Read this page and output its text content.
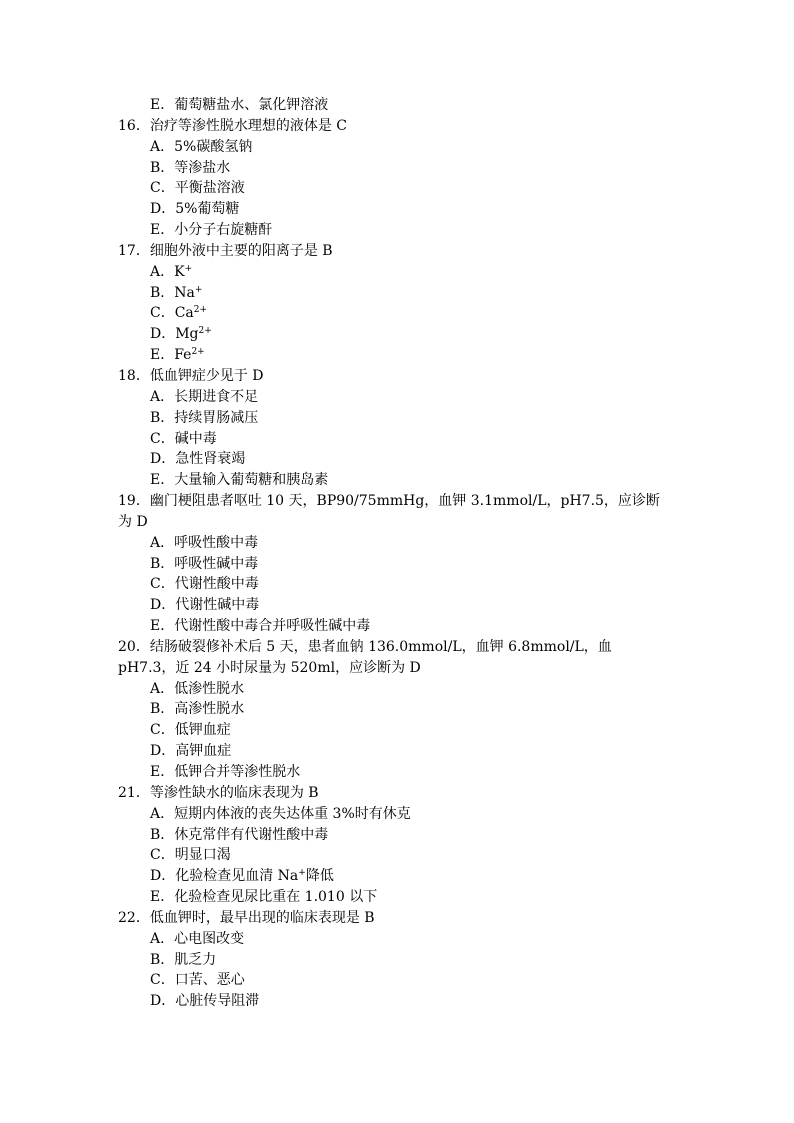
E．葡萄糖盐水、氯化钾溶液
16．治疗等渗性脱水理想的液体是 C
A．5%碳酸氢钠
B．等渗盐水
C．平衡盐溶液
D．5%葡萄糖
E．小分子右旋糖酐
17．细胞外液中主要的阳离子是 B
A．K+
B．Na+
C．$Ca^{2+}$
D．$Mg^{2+}$
E．$Fe^{2+}$
18．低血钾症少见于 D
A．长期进食不足
B．持续胃肠减压
C．碱中毒
D．急性肾衰竭
E．大量输入葡萄糖和胰岛素
19．幽门梗阻患者呕吐 10 天，BP90/75mmHg，血钾 3.1mmol/L，pH7.5，应诊断
为 D
A．呼吸性酸中毒
B．呼吸性碱中毒
C．代谢性酸中毒
D．代谢性碱中毒
E．代谢性酸中毒合并呼吸性碱中毒
20．结肠破裂修补术后 5 天，患者血钠 136.0mmol/L，血钾 6.8mmol/L，血
pH7.3，近 24 小时尿量为 520ml，应诊断为 D
A．低渗性脱水
B．高渗性脱水
C．低钾血症
D．高钾血症
E．低钾合并等渗性脱水
21．等渗性缺水的临床表现为 B
A．短期内体液的丧失达体重 3%时有休克
B．休克常伴有代谢性酸中毒
C．明显口渴
D．化验检查见血清 Na+降低
E．化验检查见尿比重在 1.010 以下
22．低血钾时，最早出现的临床表现是 B
A．心电图改变
B．肌乏力
C．口苦、恶心
D．心脏传导阻滞
